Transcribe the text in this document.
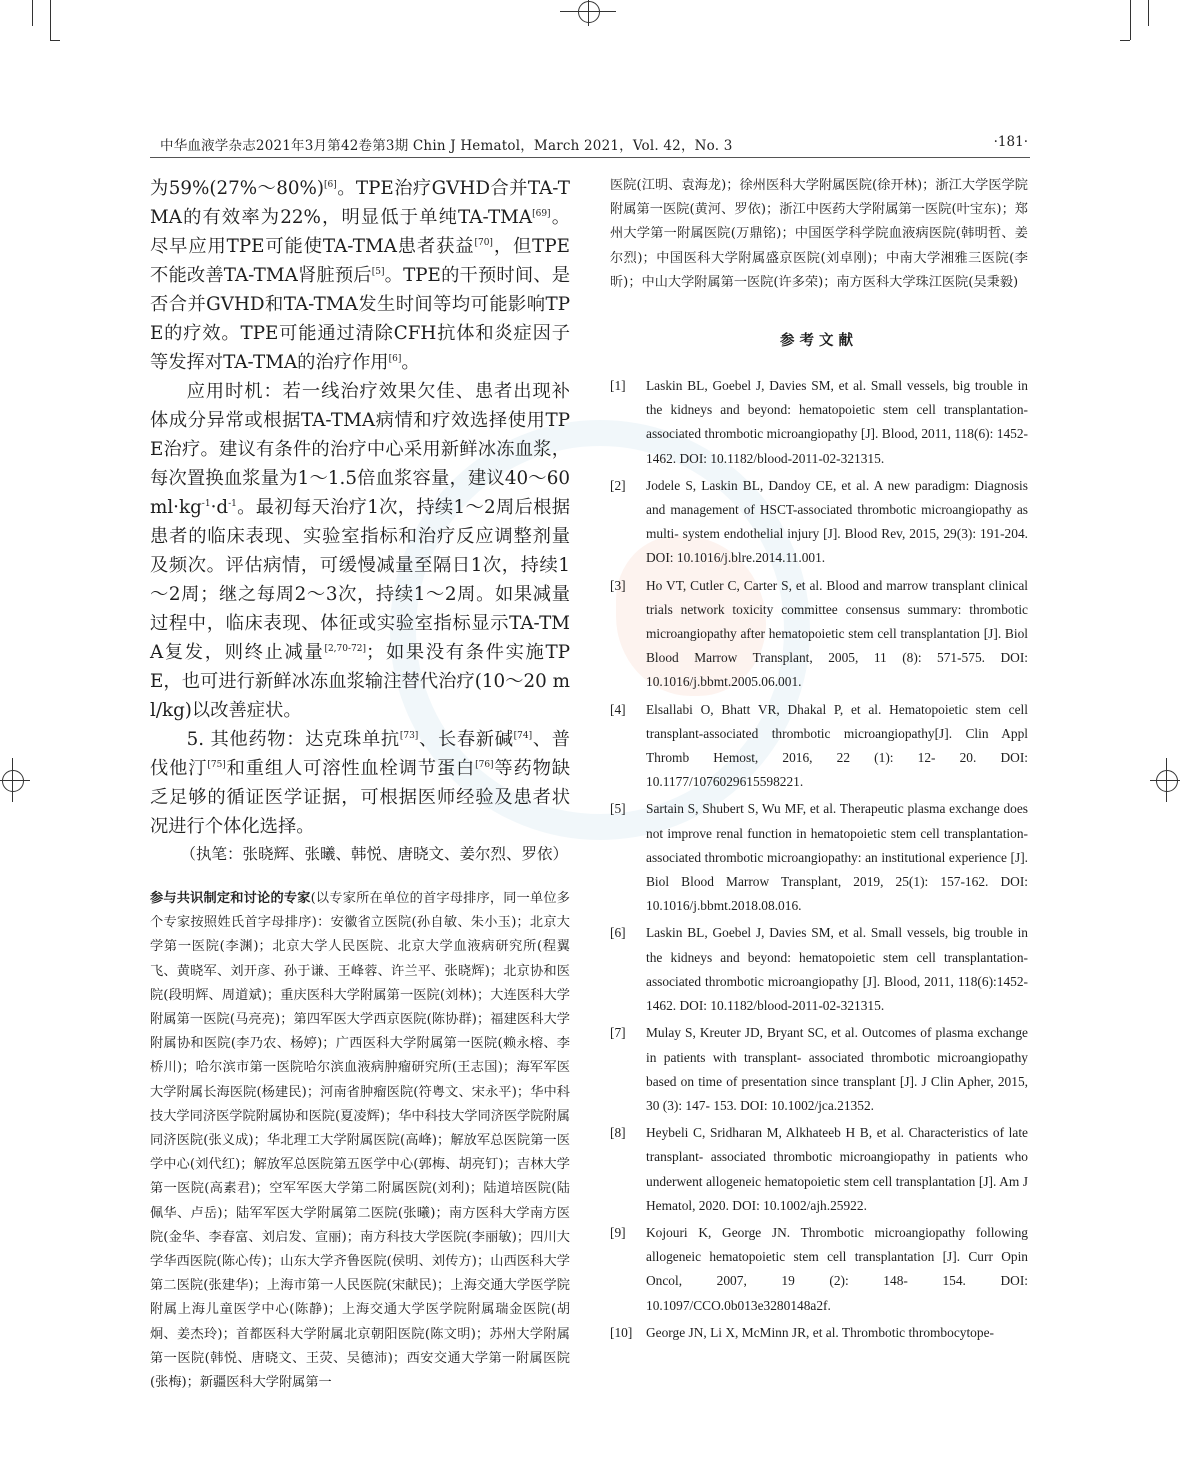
中华血液学杂志2021年3月第42卷第3期 Chin J Hematol，March 2021，Vol. 42，No. 3	·181·

为59%(27%～80%)[6]。TPE治疗GVHD合并TA-TMA的有效率为22%，明显低于单纯TA-TMA[69]。尽早应用TPE可能使TA-TMA患者获益[70]，但TPE不能改善TA-TMA肾脏预后[5]。TPE的干预时间、是否合并GVHD和TA-TMA发生时间等均可能影响TPE的疗效。TPE可能通过清除CFH抗体和炎症因子等发挥对TA-TMA的治疗作用[6]。

应用时机：若一线治疗效果欠佳、患者出现补体成分异常或根据TA-TMA病情和疗效选择使用TPE治疗。建议有条件的治疗中心采用新鲜冰冻血浆，每次置换血浆量为1～1.5倍血浆容量，建议40～60 $ml\cdot kg^{-1}\cdot d^{-1}$。最初每天治疗1次，持续1～2周后根据患者的临床表现、实验室指标和治疗反应调整剂量及频次。评估病情，可缓慢减量至隔日1次，持续1～2周；继之每周2～3次，持续1～2周。如果减量过程中，临床表现、体征或实验室指标显示TA-TMA复发，则终止减量[2,70-72]；如果没有条件实施TPE，也可进行新鲜冰冻血浆输注替代治疗(10～20 ml/kg)以改善症状。

5. 其他药物：达克珠单抗[73]、长春新碱[74]、普伐他汀[75]和重组人可溶性血栓调节蛋白[76]等药物缺乏足够的循证医学证据，可根据医师经验及患者状况进行个体化选择。

（执笔：张晓辉、张曦、韩悦、唐晓文、姜尔烈、罗依）

参与共识制定和讨论的专家(以专家所在单位的首字母排序，同一单位多个专家按照姓氏首字母排序)：安徽省立医院(孙自敏、朱小玉)；北京大学第一医院(李渊)；北京大学人民医院、北京大学血液病研究所(程翼飞、黄晓军、刘开彦、孙于谦、王峰蓉、许兰平、张晓辉)；北京协和医院(段明辉、周道斌)；重庆医科大学附属第一医院(刘林)；大连医科大学附属第一医院(马亮亮)；第四军医大学西京医院(陈协群)；福建医科大学附属协和医院(李乃农、杨婷)；广西医科大学附属第一医院(赖永榕、李桥川)；哈尔滨市第一医院哈尔滨血液病肿瘤研究所(王志国)；海军军医大学附属长海医院(杨建民)；河南省肿瘤医院(符粤文、宋永平)；华中科技大学同济医学院附属协和医院(夏凌辉)；华中科技大学同济医学院附属同济医院(张义成)；华北理工大学附属医院(高峰)；解放军总医院第一医学中心(刘代红)；解放军总医院第五医学中心(郭梅、胡亮钉)；吉林大学第一医院(高素君)；空军军医大学第二附属医院(刘利)；陆道培医院(陆佩华、卢岳)；陆军军医大学附属第二医院(张曦)；南方医科大学南方医院(金华、李春富、刘启发、宣丽)；南方科技大学医院(李丽敏)；四川大学华西医院(陈心传)；山东大学齐鲁医院(侯明、刘传方)；山西医科大学第二医院(张建华)；上海市第一人民医院(宋献民)；上海交通大学医学院附属上海儿童医学中心(陈静)；上海交通大学医学院附属瑞金医院(胡炯、姜杰玲)；首都医科大学附属北京朝阳医院(陈文明)；苏州大学附属第一医院(韩悦、唐晓文、王荧、吴德沛)；西安交通大学第一附属医院(张梅)；新疆医科大学附属第一

医院(江明、袁海龙)；徐州医科大学附属医院(徐开林)；浙江大学医学院附属第一医院(黄河、罗依)；浙江中医药大学附属第一医院(叶宝东)；郑州大学第一附属医院(万鼎铭)；中国医学科学院血液病医院(韩明哲、姜尔烈)；中国医科大学附属盛京医院(刘卓刚)；中南大学湘雅三医院(李昕)；中山大学附属第一医院(许多荣)；南方医科大学珠江医院(吴秉毅)

参考文献

[1] Laskin BL, Goebel J, Davies SM, et al. Small vessels, big trouble in the kidneys and beyond: hematopoietic stem cell transplantation- associated thrombotic microangiopathy [J]. Blood, 2011, 118(6): 1452-1462. DOI: 10.1182/blood-2011-02-321315.

[2] Jodele S, Laskin BL, Dandoy CE, et al. A new paradigm: Diagnosis and management of HSCT-associated thrombotic microangiopathy as multi- system endothelial injury [J]. Blood Rev, 2015, 29(3): 191-204. DOI: 10.1016/j.blre.2014.11.001.

[3] Ho VT, Cutler C, Carter S, et al. Blood and marrow transplant clinical trials network toxicity committee consensus summary: thrombotic microangiopathy after hematopoietic stem cell transplantation [J]. Biol Blood Marrow Transplant, 2005, 11 (8): 571-575. DOI: 10.1016/j.bbmt.2005.06.001.

[4] Elsallabi O, Bhatt VR, Dhakal P, et al. Hematopoietic stem cell transplant-associated thrombotic microangiopathy[J]. Clin Appl Thromb Hemost, 2016, 22 (1): 12- 20. DOI: 10.1177/1076029615598221.

[5] Sartain S, Shubert S, Wu MF, et al. Therapeutic plasma exchange does not improve renal function in hematopoietic stem cell transplantation- associated thrombotic microangiopathy: an institutional experience [J]. Biol Blood Marrow Transplant, 2019, 25(1): 157-162. DOI: 10.1016/j.bbmt.2018.08.016.

[6] Laskin BL, Goebel J, Davies SM, et al. Small vessels, big trouble in the kidneys and beyond: hematopoietic stem cell transplantation- associated thrombotic microangiopathy [J]. Blood, 2011, 118(6):1452-1462. DOI: 10.1182/blood-2011-02-321315.

[7] Mulay S, Kreuter JD, Bryant SC, et al. Outcomes of plasma exchange in patients with transplant- associated thrombotic microangiopathy based on time of presentation since transplant [J]. J Clin Apher, 2015, 30 (3): 147- 153. DOI: 10.1002/jca.21352.

[8] Heybeli C, Sridharan M, Alkhateeb H B, et al. Characteristics of late transplant- associated thrombotic microangiopathy in patients who underwent allogeneic hematopoietic stem cell transplantation [J]. Am J Hematol, 2020. DOI: 10.1002/ajh.25922.

[9] Kojouri K, George JN. Thrombotic microangiopathy following allogeneic hematopoietic stem cell transplantation [J]. Curr Opin Oncol, 2007, 19 (2): 148- 154. DOI: 10.1097/CCO.0b013e3280148a2f.

[10] George JN, Li X, McMinn JR, et al. Thrombotic thrombocytope-
